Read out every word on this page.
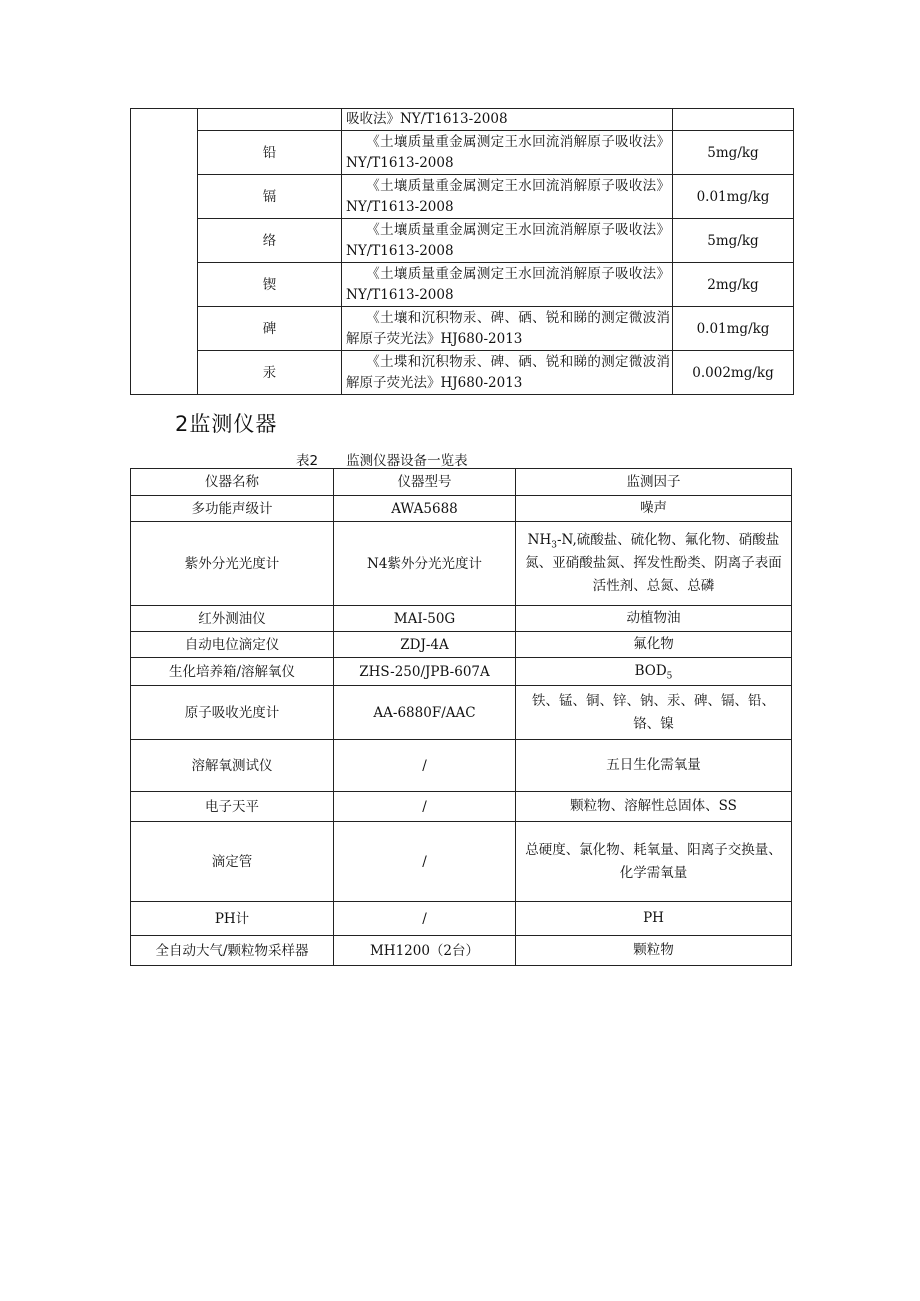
		吸收法》NY/T1613-2008	
	铅	《土壤质量重金属测定王水回流消解原子吸收法》NY/T1613-2008	5mg/kg
	镉	《土壤质量重金属测定王水回流消解原子吸收法》NY/T1613-2008	0.01mg/kg
	络	《土壤质量重金属测定王水回流消解原子吸收法》NY/T1613-2008	5mg/kg
	锲	《土壤质量重金属测定王水回流消解原子吸收法》NY/T1613-2008	2mg/kg
	碑	《土壤和沉积物汞、碑、硒、锐和睇的测定微波消解原子荧光法》HJ680-2013	0.01mg/kg
	汞	《土堞和沉积物汞、碑、硒、锐和睇的测定微波消解原子荧光法》HJ680-2013	0.002mg/kg
2监测仪器

表2 监测仪器设备一览表

仪器名称	仪器型号	监测因子
多功能声级计	AWA5688	噪声
紫外分光光度计	N4紫外分光光度计	$NH_3-N$,硫酸盐、硫化物、氟化物、硝酸盐氮、亚硝酸盐氮、挥发性酚类、阴离子表面活性剂、总氮、总磷
红外测油仪	MAI-50G	动植物油
自动电位滴定仪	ZDJ-4A	氟化物
生化培养箱/溶解氧仪	ZHS-250/JPB-607A	$BOD_5$
原子吸收光度计	AA-6880F/AAC	铁、锰、铜、锌、钠、汞、碑、镉、铅、铬、镍
溶解氧测试仪	/	五日生化需氧量
电子天平	/	颗粒物、溶解性总固体、SS
滴定管	/	总硬度、氯化物、耗氧量、阳离子交换量、化学需氧量
PH计	/	PH
全自动大气/颗粒物采样器	MH1200（2台）	颗粒物
